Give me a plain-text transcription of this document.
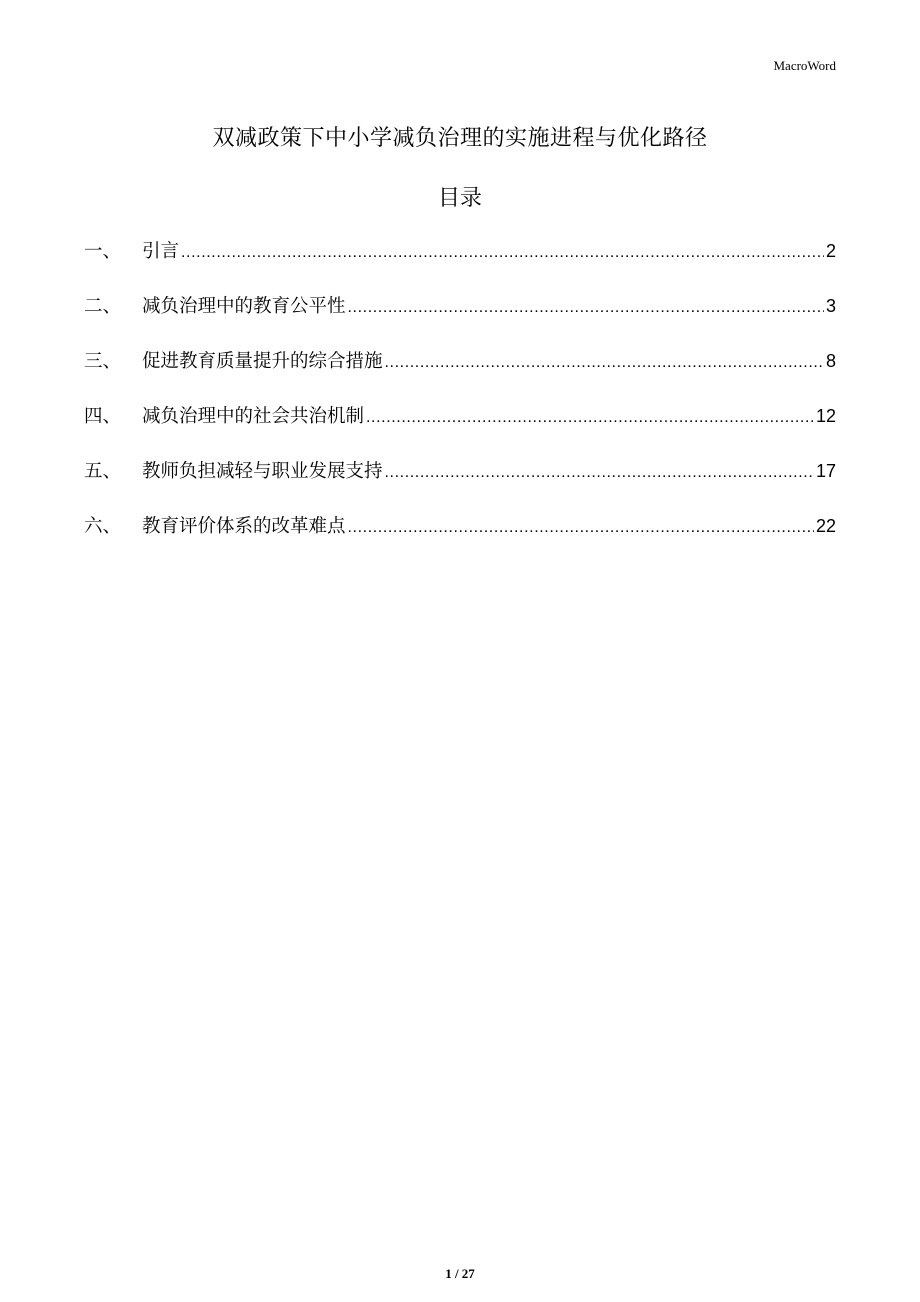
MacroWord
双减政策下中小学减负治理的实施进程与优化路径
目录
一、	引言 .....	2
二、	减负治理中的教育公平性 .....	3
三、	促进教育质量提升的综合措施 .....	8
四、	减负治理中的社会共治机制 .....	12
五、	教师负担减轻与职业发展支持 .....	17
六、	教育评价体系的改革难点 .....	22
1 / 27
